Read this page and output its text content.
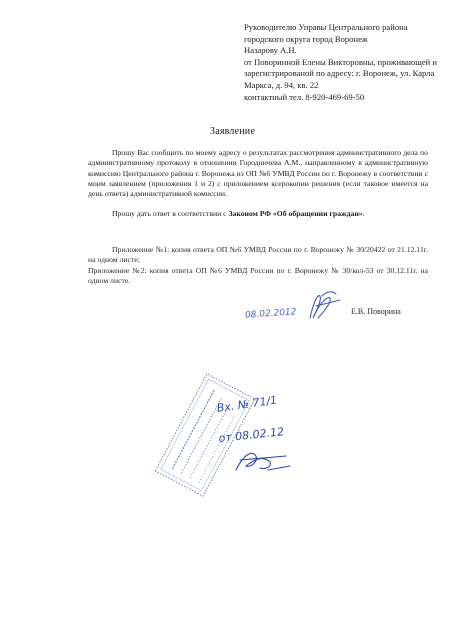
Руководителю Управы Центрального района
городского округа город Воронеж
Назарову А.Н.
от Поворинной Елены Викторовны, проживающей и
зарегистрированой по адресу: г. Воронеж, ул. Карла
Маркса, д. 94, кв. 22
контактный тел. 8-920-469-69-50
Заявление

Прошу Вас сообщить по моему адресу о результатах рассмотрения административного дела по административному протоколу в отношении Городничева А.М., направленному в административную комиссию Центрального района г. Воронежа из ОП №6 УМВД России по г. Воронежу в соответствии с моим заявлением (приложения 1 и 2) с приложением ксерокопии решения (если таковое имеется на день ответа) административной комиссии.

Прошу дать ответ в соответствии с Законом РФ «Об обращении граждан».

Приложение №1: копия ответа ОП №6 УМВД России по г. Воронежу № 30/20422 от 21.12.11г. на одном листе;

Приложение №2: копия ответа ОП №6 УМВД России по г. Воронежу № 30/кол-53 от 30.12.11г. на одном листе.

08.02.2012	Е.В. Поворина
Вх. № 71/1
от 08.02.12
